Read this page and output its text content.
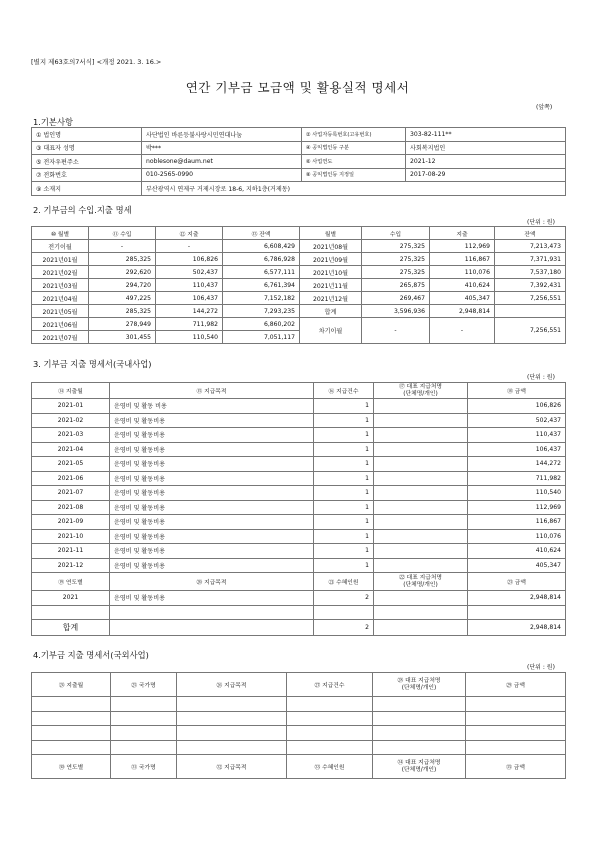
[별지 제63호의7서식] <개정 2021. 3. 16.>
연간 기부금 모금액 및 활용실적 명세서
(앞쪽)
1.기본사항
① 법인명	사단법인 바른등불사랑시민연대나눔	② 사업자등록번호(고유번호)	303-82-111**
③ 대표자 성명	박***	④ 공익법인등 구분	사회복지법인
⑤ 전자우편주소	noblesone@daum.net	⑥ 사업연도	2021-12
⑦ 전화번호	010-2565-0990	⑧ 공익법인등 지정일	2017-08-29
⑨ 소재지	부산광역시 연제구 거제시장로 18-6, 지하1층(거제동)		
2. 기부금의 수입.지출 명세
(단위 : 원)
⑩ 월별	⑪ 수입	⑫ 지출	⑬ 잔액	월별	수입	지출	잔액
전기이월	-	-	6,608,429	2021년08월	275,325	112,969	7,213,473
2021년01월	285,325	106,826	6,786,928	2021년09월	275,325	116,867	7,371,931
2021년02월	292,620	502,437	6,577,111	2021년10월	275,325	110,076	7,537,180
2021년03월	294,720	110,437	6,761,394	2021년11월	265,875	410,624	7,392,431
2021년04월	497,225	106,437	7,152,182	2021년12월	269,467	405,347	7,256,551
2021년05월	285,325	144,272	7,293,235	합계	3,596,936	2,948,814	
2021년06월	278,949	711,982	6,860,202	차기이월	-	-	7,256,551
2021년07월	301,455	110,540	7,051,117				
3. 기부금 지출 명세서(국내사업)
(단위 : 원)
⑭ 지출월	⑮ 지급목적	⑯ 지급건수	⑰ 대표 지급처명
(단체명/개인)	⑱ 금액
2021-01	운영비 및 활동 비용	1		106,826
2021-02	운영비 및 활동비용	1		502,437
2021-03	운영비 및 활동비용	1		110,437
2021-04	운영비 및 활동비용	1		106,437
2021-05	운영비 및 활동비용	1		144,272
2021-06	운영비 및 활동비용	1		711,982
2021-07	운영비 및 활동비용	1		110,540
2021-08	운영비 및 활동비용	1		112,969
2021-09	운영비 및 활동비용	1		116,867
2021-10	운영비 및 활동비용	1		110,076
2021-11	운영비 및 활동비용	1		410,624
2021-12	운영비 및 활동비용	1		405,347
⑲ 연도별	⑳ 지급목적	㉑ 수혜인원	㉒ 대표 지급처명
(단체명/개인)	㉓ 금액
2021	운영비 및 활동비용	2		2,948,814

합계		2		2,948,814
4.기부금 지출 명세서(국외사업)
(단위 : 원)
㉔ 지출월	㉕ 국가명	㉖ 지급목적	㉗ 지급건수	㉘ 대표 지급처명
(단체명/개인)	㉙ 금액

㉚ 연도별	㉛ 국가명	㉜ 지급목적	㉝ 수혜인원	㉞ 대표 지급처명
(단체명/개인)	㉟ 금액
